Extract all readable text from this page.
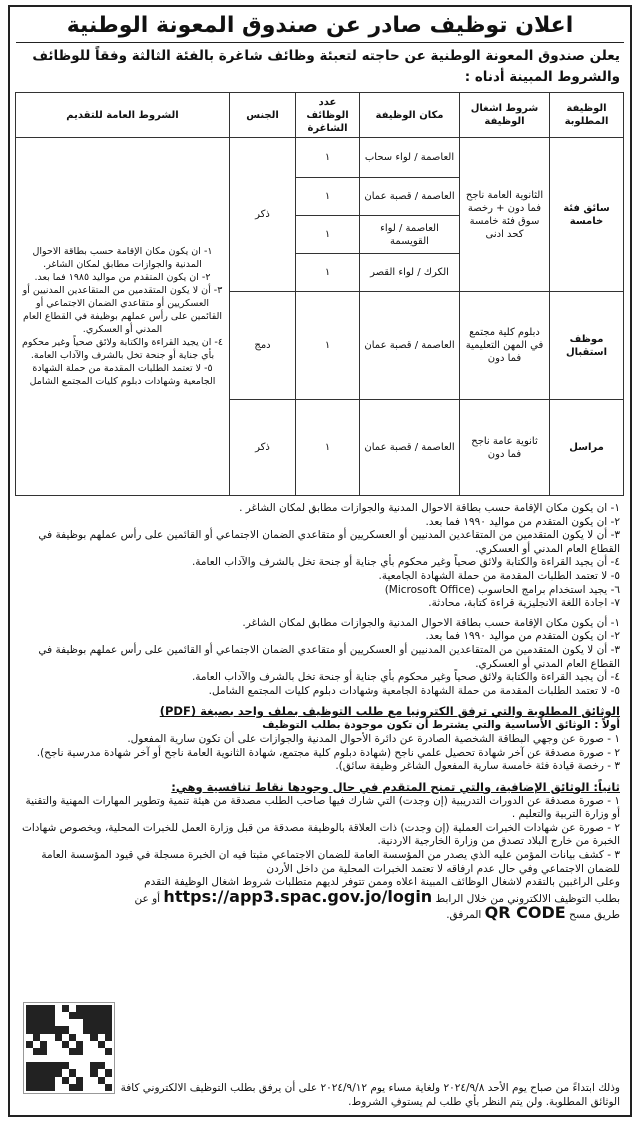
اعلان توظيف صادر عن صندوق المعونة الوطنية
يعلن صندوق المعونة الوطنية عن حاجته لتعبئة وظائف شاغرة بالفئة الثالثة وفقاً للوظائف والشروط المبينة أدناه :
الوظيفة المطلوبة	شروط اشغال الوظيفة	مكان الوظيفة	عدد الوظائف الشاغرة	الجنس	الشروط العامة للتقديم
سائق فئة خامسة	الثانوية العامة ناجح فما دون + رخصة سوق فئة خامسة كحد ادنى	العاصمة / لواء سحاب	١	ذكر	١- ان يكون مكان الإقامة حسب بطاقة الاحوال المدنية والجوازات مطابق لمكان الشاغر.
٢- ان يكون المتقدم من مواليد ١٩٨٥ فما بعد.
٣- أن لا يكون المتقدمين من المتقاعدين المدنيين أو العسكريين أو متقاعدي الضمان الاجتماعي أو القائمين على رأس عملهم بوظيفة في القطاع العام المدني أو العسكري.
٤- ان يجيد القراءة والكتابة ولائق صحياً وغير محكوم بأي جناية أو جنحة تخل بالشرف والآداب العامة.
٥- لا تعتمد الطلبات المقدمة من حملة الشهادة الجامعية وشهادات دبلوم كليات المجتمع الشامل

		العاصمة / قصبة عمان	١		
		العاصمة / لواء القويسمة	١		
		الكرك / لواء القصر	١		
موظف استقبال	دبلوم كلية مجتمع في المهن التعليمية فما دون	العاصمة / قصبة عمان	١	دمج	
مراسل	ثانوية عامة ناجح فما دون	العاصمة / قصبة عمان	١	ذكر	

١- ان يكون مكان الإقامة حسب بطاقة الاحوال المدنية والجوازات مطابق لمكان الشاغر .

٢- ان يكون المتقدم من مواليد ١٩٩٠ فما بعد.

٣- أن لا يكون المتقدمين من المتقاعدين المدنيين أو العسكريين أو متقاعدي الضمان الاجتماعي أو القائمين على رأس عملهم بوظيفة في القطاع العام المدني أو العسكري.

٤- أن يجيد القراءة والكتابة ولائق صحياً وغير محكوم بأي جناية أو جنحة تخل بالشرف والآداب العامة.

٥- لا تعتمد الطلبات المقدمة من حملة الشهادة الجامعية.

٦- يجيد استخدام برامج الحاسوب (Microsoft Office)

٧- اجادة اللغة الانجليزية قراءة كتابة، محادثة.

١- أن يكون مكان الإقامة حسب بطاقة الاحوال المدنية والجوازات مطابق لمكان الشاغر.

٢- ان يكون المتقدم من مواليد ١٩٩٠ فما بعد.

٣- أن لا يكون المتقدمين من المتقاعدين المدنيين أو العسكريين أو متقاعدي الضمان الاجتماعي أو القائمين على رأس عملهم بوظيفة في القطاع العام المدني أو العسكري.

٤- أن يجيد القراءة والكتابة ولائق صحياً وغير محكوم بأي جناية أو جنحة تخل بالشرف والآداب العامة.

٥- لا تعتمد الطلبات المقدمة من حملة الشهادة الجامعية وشهادات دبلوم كليات المجتمع الشامل.

الوثائق المطلوبة والتي ترفق الكترونيا مع طلب التوظيف بملف واحد بصيغة (PDF)

أولاً : الوثائق الأساسية والتي يشترط أن تكون موجودة بطلب التوظيف

١ - صورة عن وجهي البطاقة الشخصية الصادرة عن دائرة الأحوال المدنية والجوازات على أن تكون سارية المفعول.

٢ - صورة مصدقة عن آخر شهادة تحصيل علمي ناجح (شهادة دبلوم كلية مجتمع، شهادة الثانوية العامة ناجح أو آخر شهادة مدرسية ناجح).

٣ - رخصة قيادة فئة خامسة سارية المفعول الشاغر وظيفة سائق).

ثانياً: الوثائق الإضافية، والتي تمنح المتقدم في حال وجودها نقاط تنافسية وهي:

١ - صورة مصدقة عن الدورات التدريبية (إن وجدت) التي شارك فيها صاحب الطلب مصدقة من هيئة تنمية وتطوير المهارات المهنية والتقنية أو وزارة التربية والتعليم .

٢ - صورة عن شهادات الخبرات العملية (إن وجدت) ذات العلاقة بالوظيفة مصدقة من قبل وزارة العمل للخبرات المحلية، وبخصوص شهادات الخبرة من خارج البلاد تصدق من وزارة الخارجية الاردنية.

٣ - كشف بيانات المؤمن عليه الذي يصدر من المؤسسة العامة للضمان الاجتماعي مثبتا فيه ان الخبرة مسجلة في قيود المؤسسة العامة للضمان الاجتماعي وفي حال عدم ارفاقه لا تعتمد الخبرات المحلية من داخل الأردن

وعلى الراغبين بالتقدم لاشغال الوظائف المبينة اعلاه وممن تتوفر لديهم متطلبات شروط اشغال الوظيفة التقدم بطلب التوظيف الالكتروني من خلال الرابط https://app3.spac.gov.jo/login أو عن طريق مسح QR CODE المرفق.

وذلك ابتداءً من صباح يوم الأحد ٢٠٢٤/٩/٨ ولغاية مساء يوم ٢٠٢٤/٩/١٢ على أن يرفق بطلب التوظيف الالكتروني كافة الوثائق المطلوبة. ولن يتم النظر بأي طلب لم يستوفِ الشروط.
